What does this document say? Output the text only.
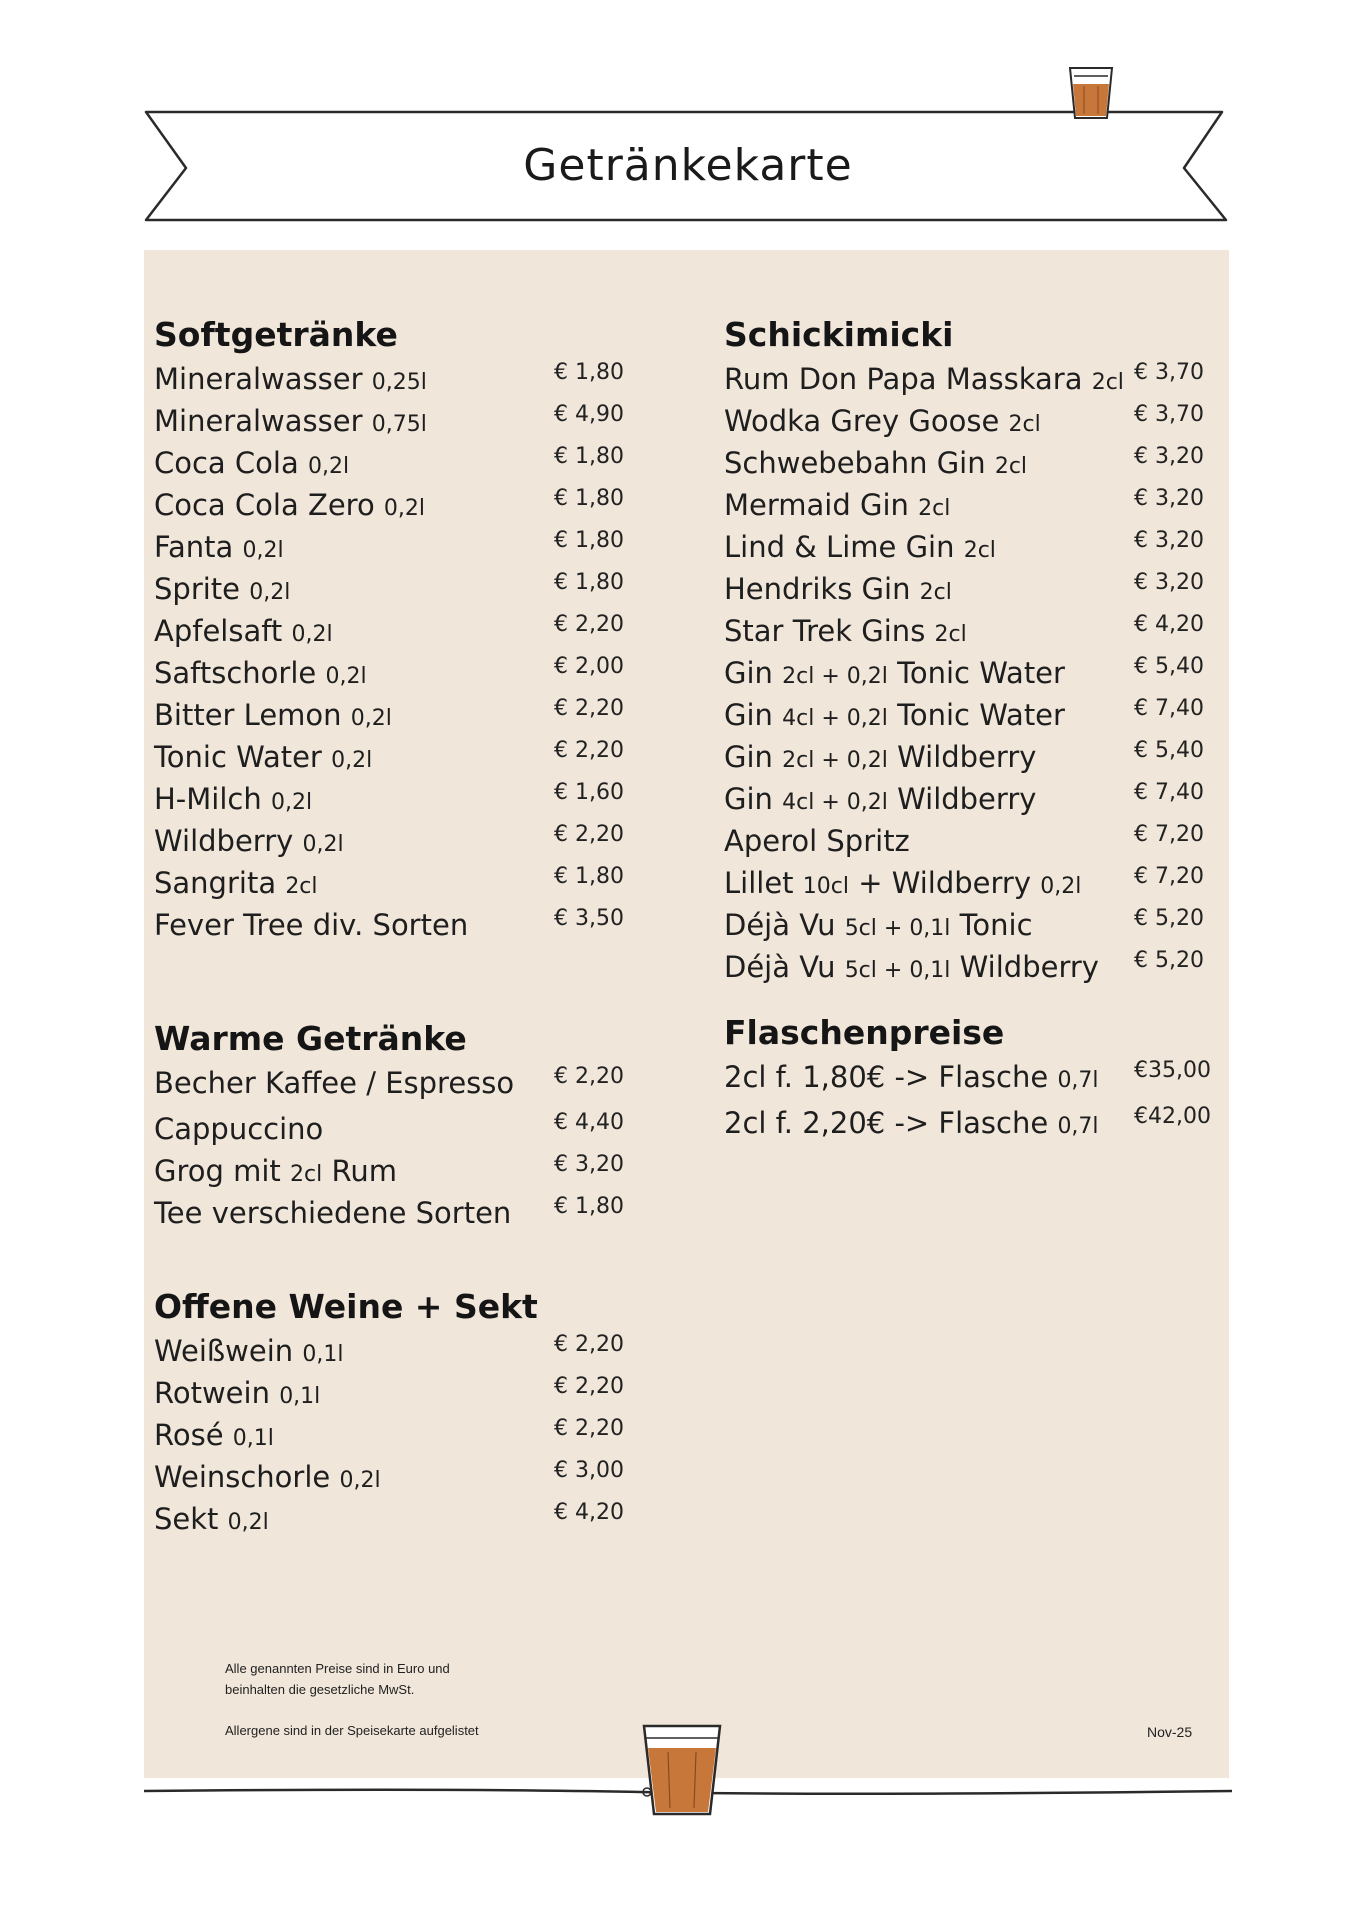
Getränkekarte
Softgetränke
Mineralwasser 0,25l	€ 1,80
Mineralwasser 0,75l	€ 4,90
Coca Cola 0,2l	€ 1,80
Coca Cola Zero 0,2l	€ 1,80
Fanta 0,2l	€ 1,80
Sprite 0,2l	€ 1,80
Apfelsaft 0,2l	€ 2,20
Saftschorle 0,2l	€ 2,00
Bitter Lemon 0,2l	€ 2,20
Tonic Water 0,2l	€ 2,20
H-Milch 0,2l	€ 1,60
Wildberry 0,2l	€ 2,20
Sangrita 2cl	€ 1,80
Fever Tree div. Sorten	€ 3,50
Warme Getränke
Becher Kaffee / Espresso € 2,20
Cappuccino	€ 4,40
Grog mit 2cl Rum	€ 3,20
Tee verschiedene Sorten € 1,80
Offene Weine + Sekt
Weißwein 0,1l	€ 2,20
Rotwein 0,1l	€ 2,20
Rosé 0,1l	€ 2,20
Weinschorle 0,2l	€ 3,00
Sekt 0,2l	€ 4,20
Schickimicki
Rum Don Papa Masskara 2cl € 3,70
Wodka Grey Goose 2cl	€ 3,70
Schwebebahn Gin 2cl	€ 3,20
Mermaid Gin 2cl	€ 3,20
Lind & Lime Gin 2cl	€ 3,20
Hendriks Gin 2cl	€ 3,20
Star Trek Gins 2cl	€ 4,20
Gin 2cl + 0,2l Tonic Water	€ 5,40
Gin 4cl + 0,2l Tonic Water	€ 7,40
Gin 2cl + 0,2l Wildberry	€ 5,40
Gin 4cl + 0,2l Wildberry	€ 7,40
Aperol Spritz	€ 7,20
Lillet 10cl + Wildberry 0,2l € 7,20
Déjà Vu 5cl + 0,1l Tonic	€ 5,20
Déjà Vu 5cl + 0,1l Wildberry € 5,20
Flaschenpreise
2cl f. 1,80€ -> Flasche 0,7l €35,00
2cl f. 2,20€ -> Flasche 0,7l €42,00
Alle genannten Preise sind in Euro und
beinhalten die gesetzliche MwSt.
Allergene sind in der Speisekarte aufgelistet	Nov-25
